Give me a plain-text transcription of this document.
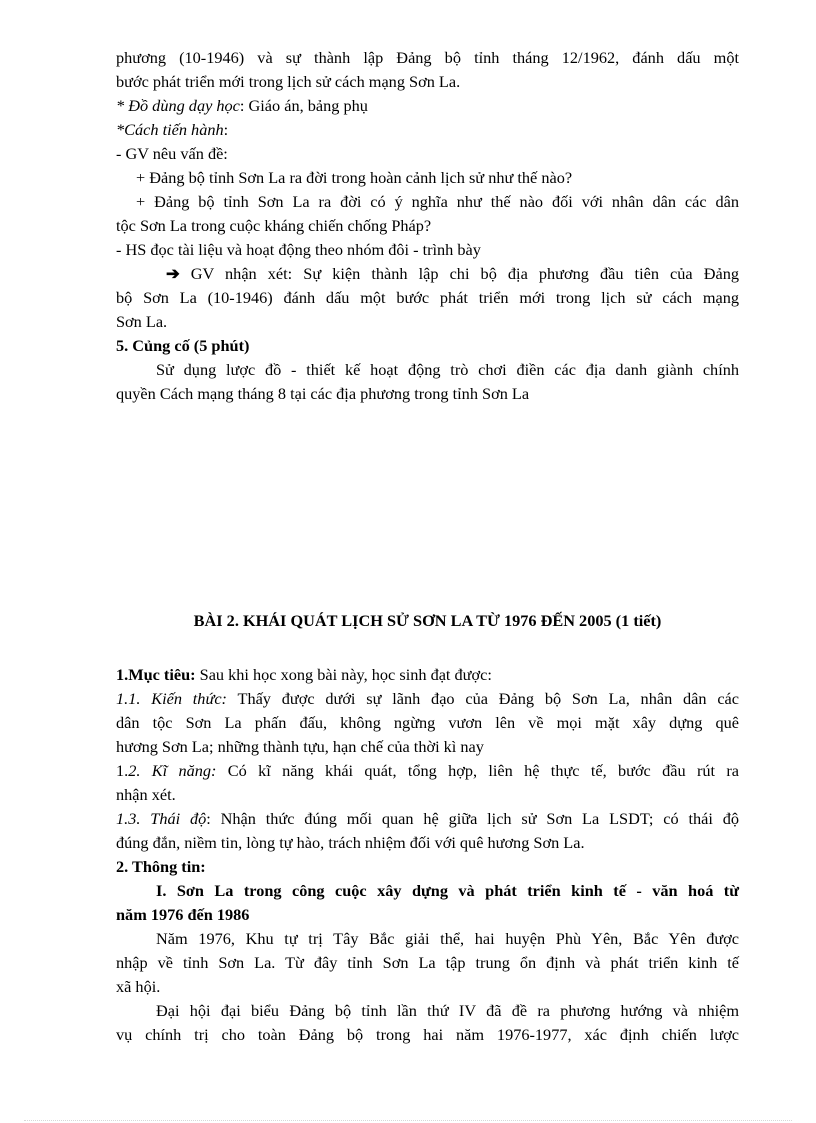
phương (10-1946) và sự thành lập Đảng bộ tỉnh tháng 12/1962, đánh dấu một
bước phát triển mới trong lịch sử cách mạng Sơn La.

* Đồ dùng dạy học: Giáo án, bảng phụ

*Cách tiến hành:

- GV nêu vấn đề:

+ Đảng bộ tỉnh Sơn La ra đời trong hoàn cảnh lịch sử như thế nào?

+ Đảng bộ tỉnh Sơn La ra đời có ý nghĩa như thế nào đối với nhân dân các dân
tộc Sơn La trong cuộc kháng chiến chống Pháp?

- HS đọc tài liệu và hoạt động theo nhóm đôi - trình bày

➔ GV nhận xét: Sự kiện thành lập chi bộ địa phương đầu tiên của Đảng
bộ Sơn La (10-1946) đánh dấu một bước phát triển mới trong lịch sử cách mạng
Sơn La.

5. Củng cố (5 phút)

Sử dụng lược đồ - thiết kế hoạt động trò chơi điền các địa danh giành chính
quyền Cách mạng tháng 8 tại các địa phương trong tỉnh Sơn La

BÀI 2. KHÁI QUÁT LỊCH SỬ SƠN LA TỪ 1976 ĐẾN 2005 (1 tiết)

1.Mục tiêu: Sau khi học xong bài này, học sinh đạt được:

1.1. Kiến thức: Thấy được dưới sự lãnh đạo của Đảng bộ Sơn La, nhân dân các
dân tộc Sơn La phấn đấu, không ngừng vươn lên về mọi mặt xây dựng quê
hương Sơn La; những thành tựu, hạn chế của thời kì nay

1.2. Kĩ năng: Có kĩ năng khái quát, tổng hợp, liên hệ thực tế, bước đầu rút ra
nhận xét.

1.3. Thái độ: Nhận thức đúng mối quan hệ giữa lịch sử Sơn La LSDT; có thái độ
đúng đắn, niềm tin, lòng tự hào, trách nhiệm đối với quê hương Sơn La.

2. Thông tin:

I. Sơn La trong công cuộc xây dựng và phát triển kinh tế - văn hoá từ
năm 1976 đến 1986

Năm 1976, Khu tự trị Tây Bắc giải thể, hai huyện Phù Yên, Bắc Yên được
nhập về tỉnh Sơn La. Từ đây tỉnh Sơn La tập trung ổn định và phát triển kinh tế
xã hội.

Đại hội đại biểu Đảng bộ tỉnh lần thứ IV đã đề ra phương hướng và nhiệm
vụ chính trị cho toàn Đảng bộ trong hai năm 1976-1977, xác định chiến lược
